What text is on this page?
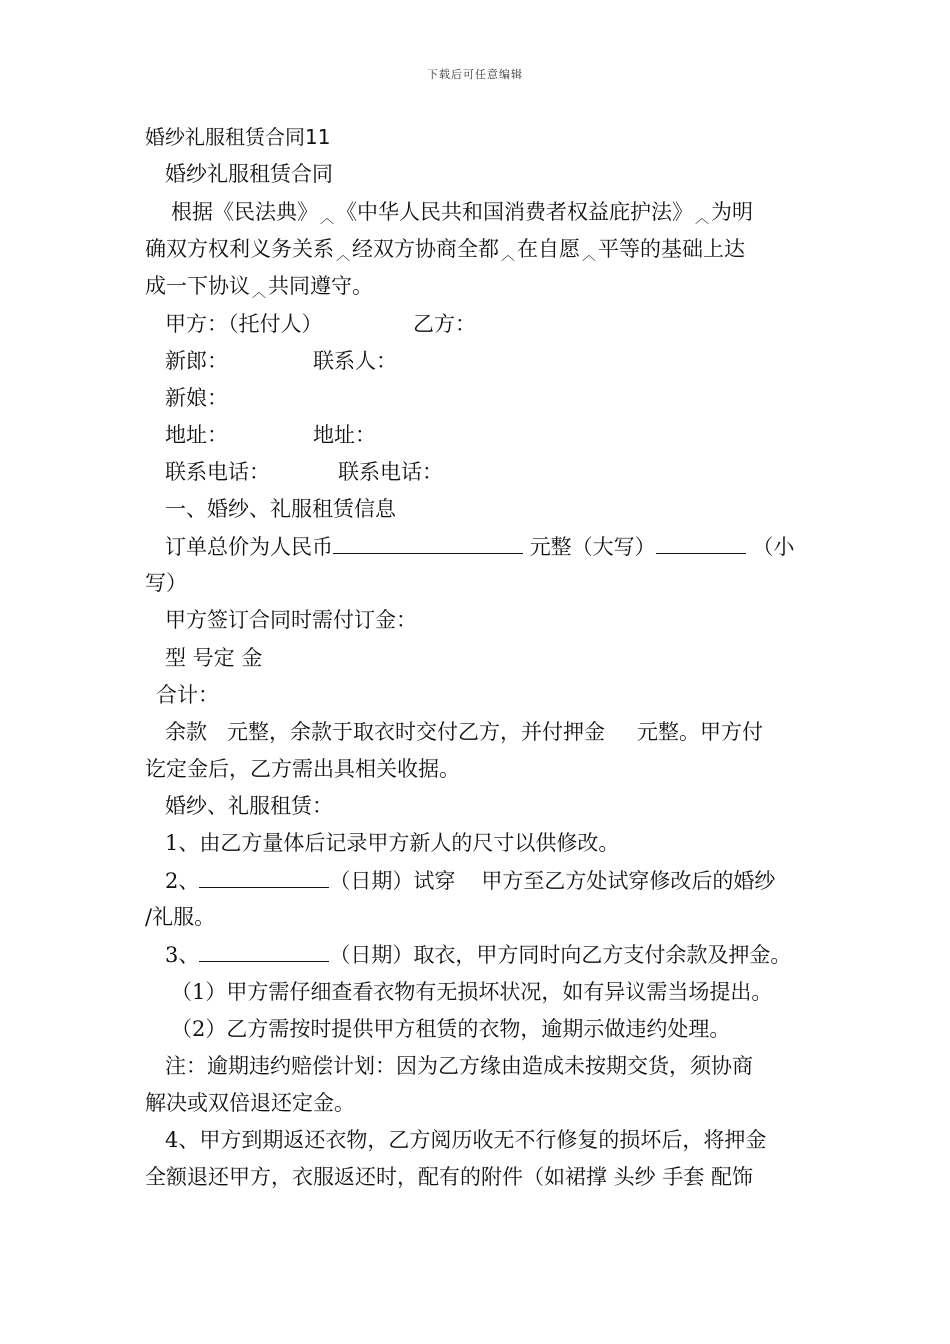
下载后可任意编辑
婚纱礼服租赁合同11
婚纱礼服租赁合同
根据《民法典》 ︿《中华人民共和国消费者权益庇护法》 ︿为明
确双方权利义务关系 ︿经双方协商全都 ︿在自愿 ︿平等的基础上达
成一下协议 ︿共同遵守。
甲方：（托付人）	乙方：
新郎：	联系人：
新娘：
地址：	地址：
联系电话：	联系电话：
一、婚纱、礼服租赁信息
订单总价为人民币	元整（大写）	（小
写）
甲方签订合同时需付订金：
型 号定 金
合计：
余款 元整，余款于取衣时交付乙方，并付押金 元整。甲方付
讫定金后，乙方需出具相关收据。
婚纱、礼服租赁：
1、由乙方量体后记录甲方新人的尺寸以供修改。
2、	（日期）试穿 甲方至乙方处试穿修改后的婚纱
/礼服。
3、	（日期）取衣，甲方同时向乙方支付余款及押金。
（1）甲方需仔细查看衣物有无损坏状况，如有异议需当场提出。
（2）乙方需按时提供甲方租赁的衣物，逾期示做违约处理。
注：逾期违约赔偿计划：因为乙方缘由造成未按期交货，须协商
解决或双倍退还定金。
4、甲方到期返还衣物，乙方阅历收无不行修复的损坏后，将押金
全额退还甲方，衣服返还时，配有的附件（如裙撑 头纱 手套 配饰
